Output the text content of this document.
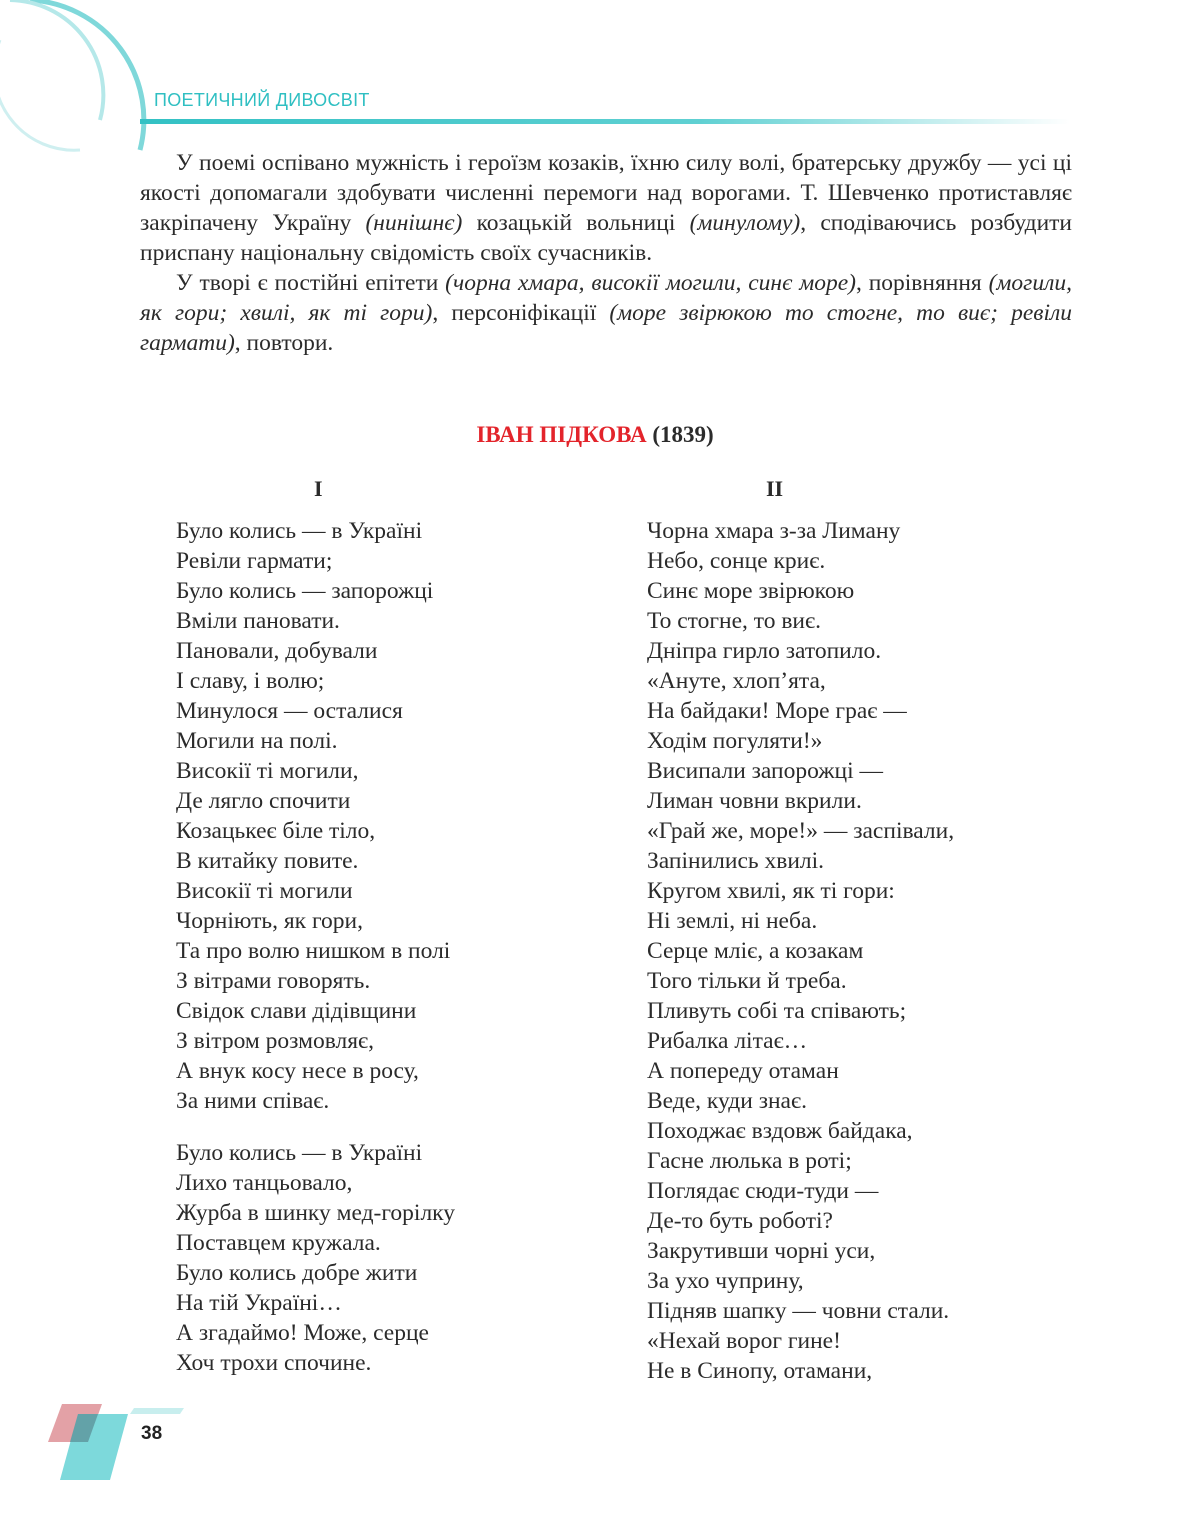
ПОЕТИЧНИЙ ДИВОСВІТ

У поемі оспівано мужність і героїзм козаків, їхню силу волі, братерську дружбу — усі ці якості допомагали здобувати численні перемоги над ворогами. Т. Шевченко протиставляє закріпачену Україну (нинішнє) козацькій вольниці (минулому), сподіваючись розбудити приспану національну свідомість своїх сучасників.

У творі є постійні епітети (чорна хмара, високії могили, синє море), порівняння (могили, як гори; хвилі, як ті гори), персоніфікації (море звірюкою то стогне, то виє; ревіли гармати), повтори.

ІВАН ПІДКОВА (1839)
I	II
Було колись — в Україні
Ревіли гармати;
Було колись — запорожці
Вміли пановати.
Пановали, добували
І славу, і волю;
Минулося — осталися
Могили на полі.
Високії ті могили,
Де лягло спочити
Козацькеє біле тіло,
В китайку повите.
Високії ті могили
Чорніють, як гори,
Та про волю нишком в полі
З вітрами говорять.
Свідок слави дідівщини
З вітром розмовляє,
А внук косу несе в росу,
За ними співає.
Було колись — в Україні
Лихо танцьовало,
Журба в шинку мед-горілку
Поставцем кружала.
Було колись добре жити
На тій Україні…
А згадаймо! Може, серце
Хоч трохи спочине.
Чорна хмара з-за Лиману
Небо, сонце криє.
Синє море звірюкою
То стогне, то виє.
Дніпра гирло затопило.
«Ануте, хлоп’ята,
На байдаки! Море грає —
Ходім погуляти!»
Висипали запорожці —
Лиман човни вкрили.
«Грай же, море!» — заспівали,
Запінились хвилі.
Кругом хвилі, як ті гори:
Ні землі, ні неба.
Серце мліє, а козакам
Того тільки й треба.
Пливуть собі та співають;
Рибалка літає…
А попереду отаман
Веде, куди знає.
Походжає вздовж байдака,
Гасне люлька в роті;
Поглядає сюди-туди —
Де-то буть роботі?
Закрутивши чорні уси,
За ухо чуприну,
Підняв шапку — човни стали.
«Нехай ворог гине!
Не в Синопу, отамани,
38
